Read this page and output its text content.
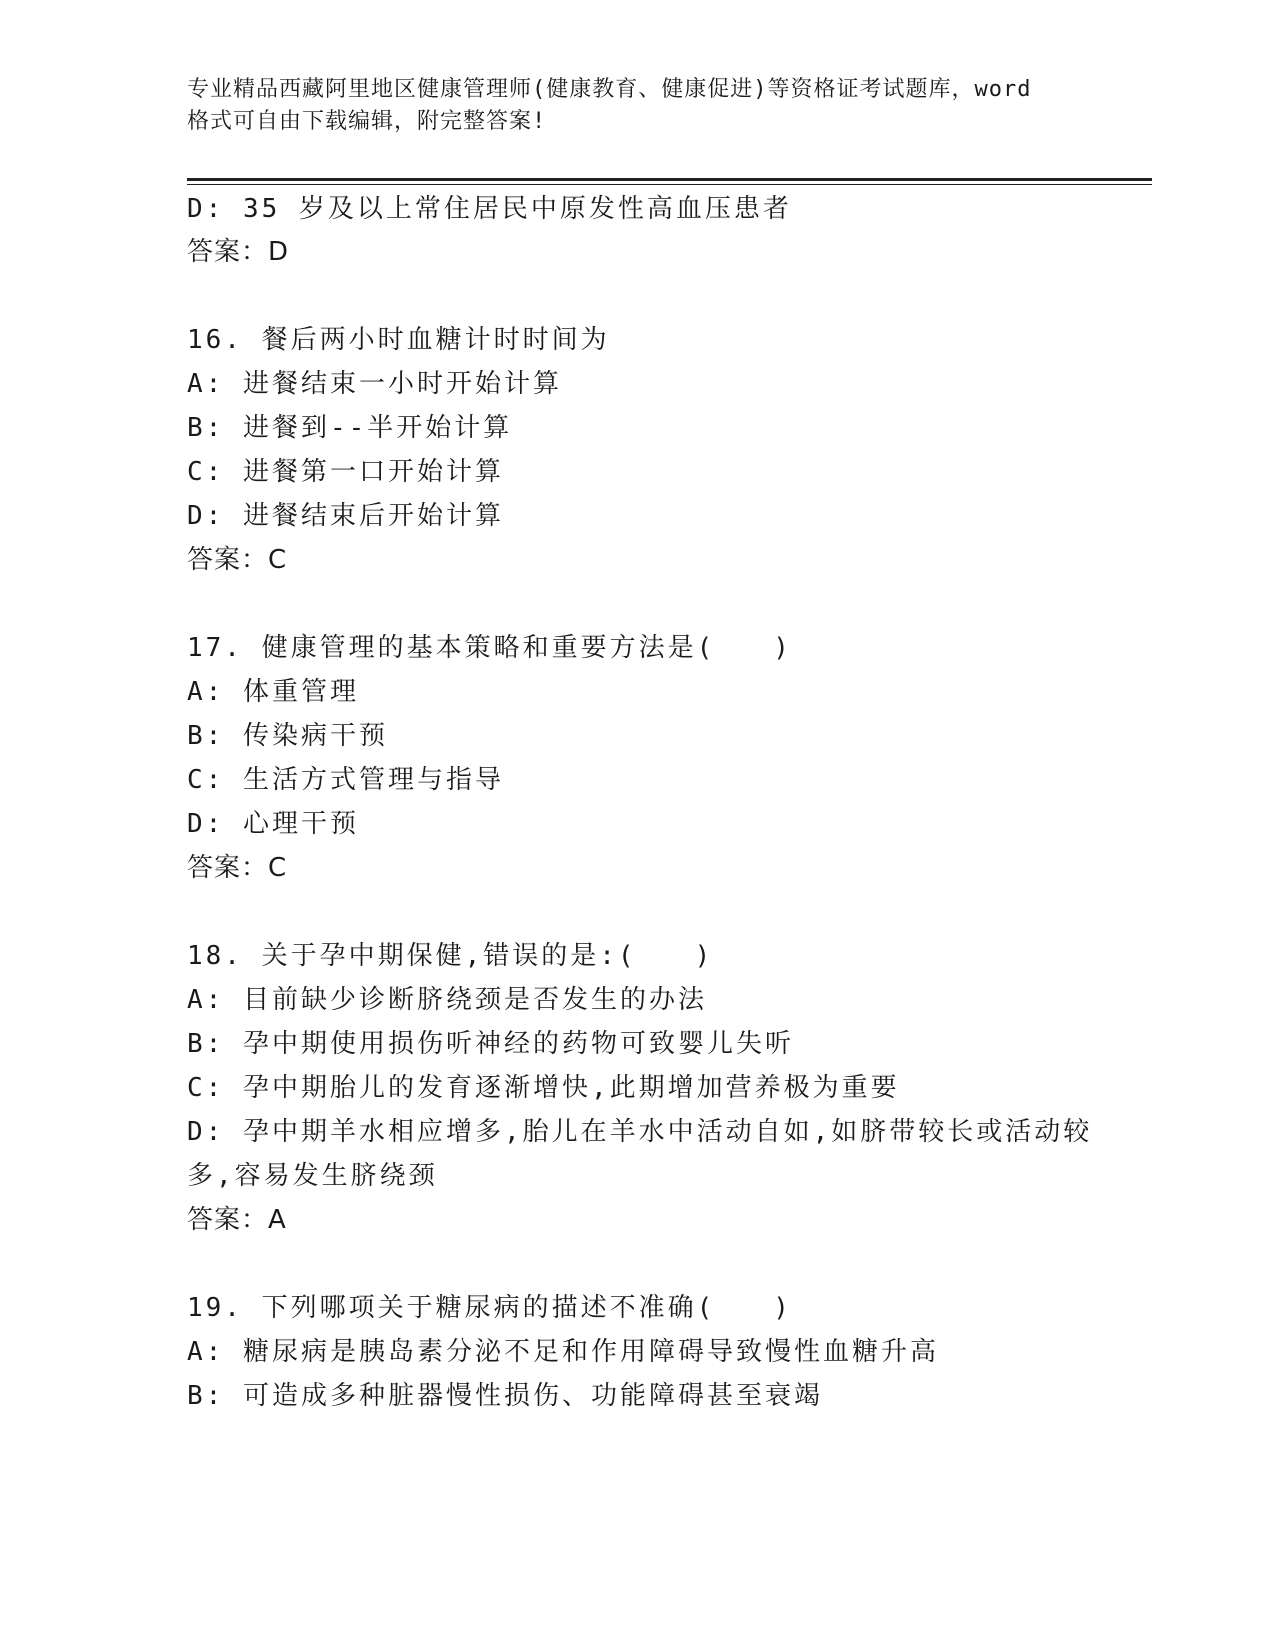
专业精品西藏阿里地区健康管理师(健康教育、健康促进)等资格证考试题库，word
格式可自由下载编辑，附完整答案!
D: 35 岁及以上常住居民中原发性高血压患者
答案：D
16. 餐后两小时血糖计时时间为
A: 进餐结束一小时开始计算
B: 进餐到--半开始计算
C: 进餐第一口开始计算
D: 进餐结束后开始计算
答案：C
17. 健康管理的基本策略和重要方法是(　　)
A: 体重管理
B: 传染病干预
C: 生活方式管理与指导
D: 心理干预
答案：C
18. 关于孕中期保健,错误的是:(　　)
A: 目前缺少诊断脐绕颈是否发生的办法
B: 孕中期使用损伤听神经的药物可致婴儿失听
C: 孕中期胎儿的发育逐渐增快,此期增加营养极为重要
D: 孕中期羊水相应增多,胎儿在羊水中活动自如,如脐带较长或活动较
多,容易发生脐绕颈
答案：A
19. 下列哪项关于糖尿病的描述不准确(　　)
A: 糖尿病是胰岛素分泌不足和作用障碍导致慢性血糖升高
B: 可造成多种脏器慢性损伤、功能障碍甚至衰竭
